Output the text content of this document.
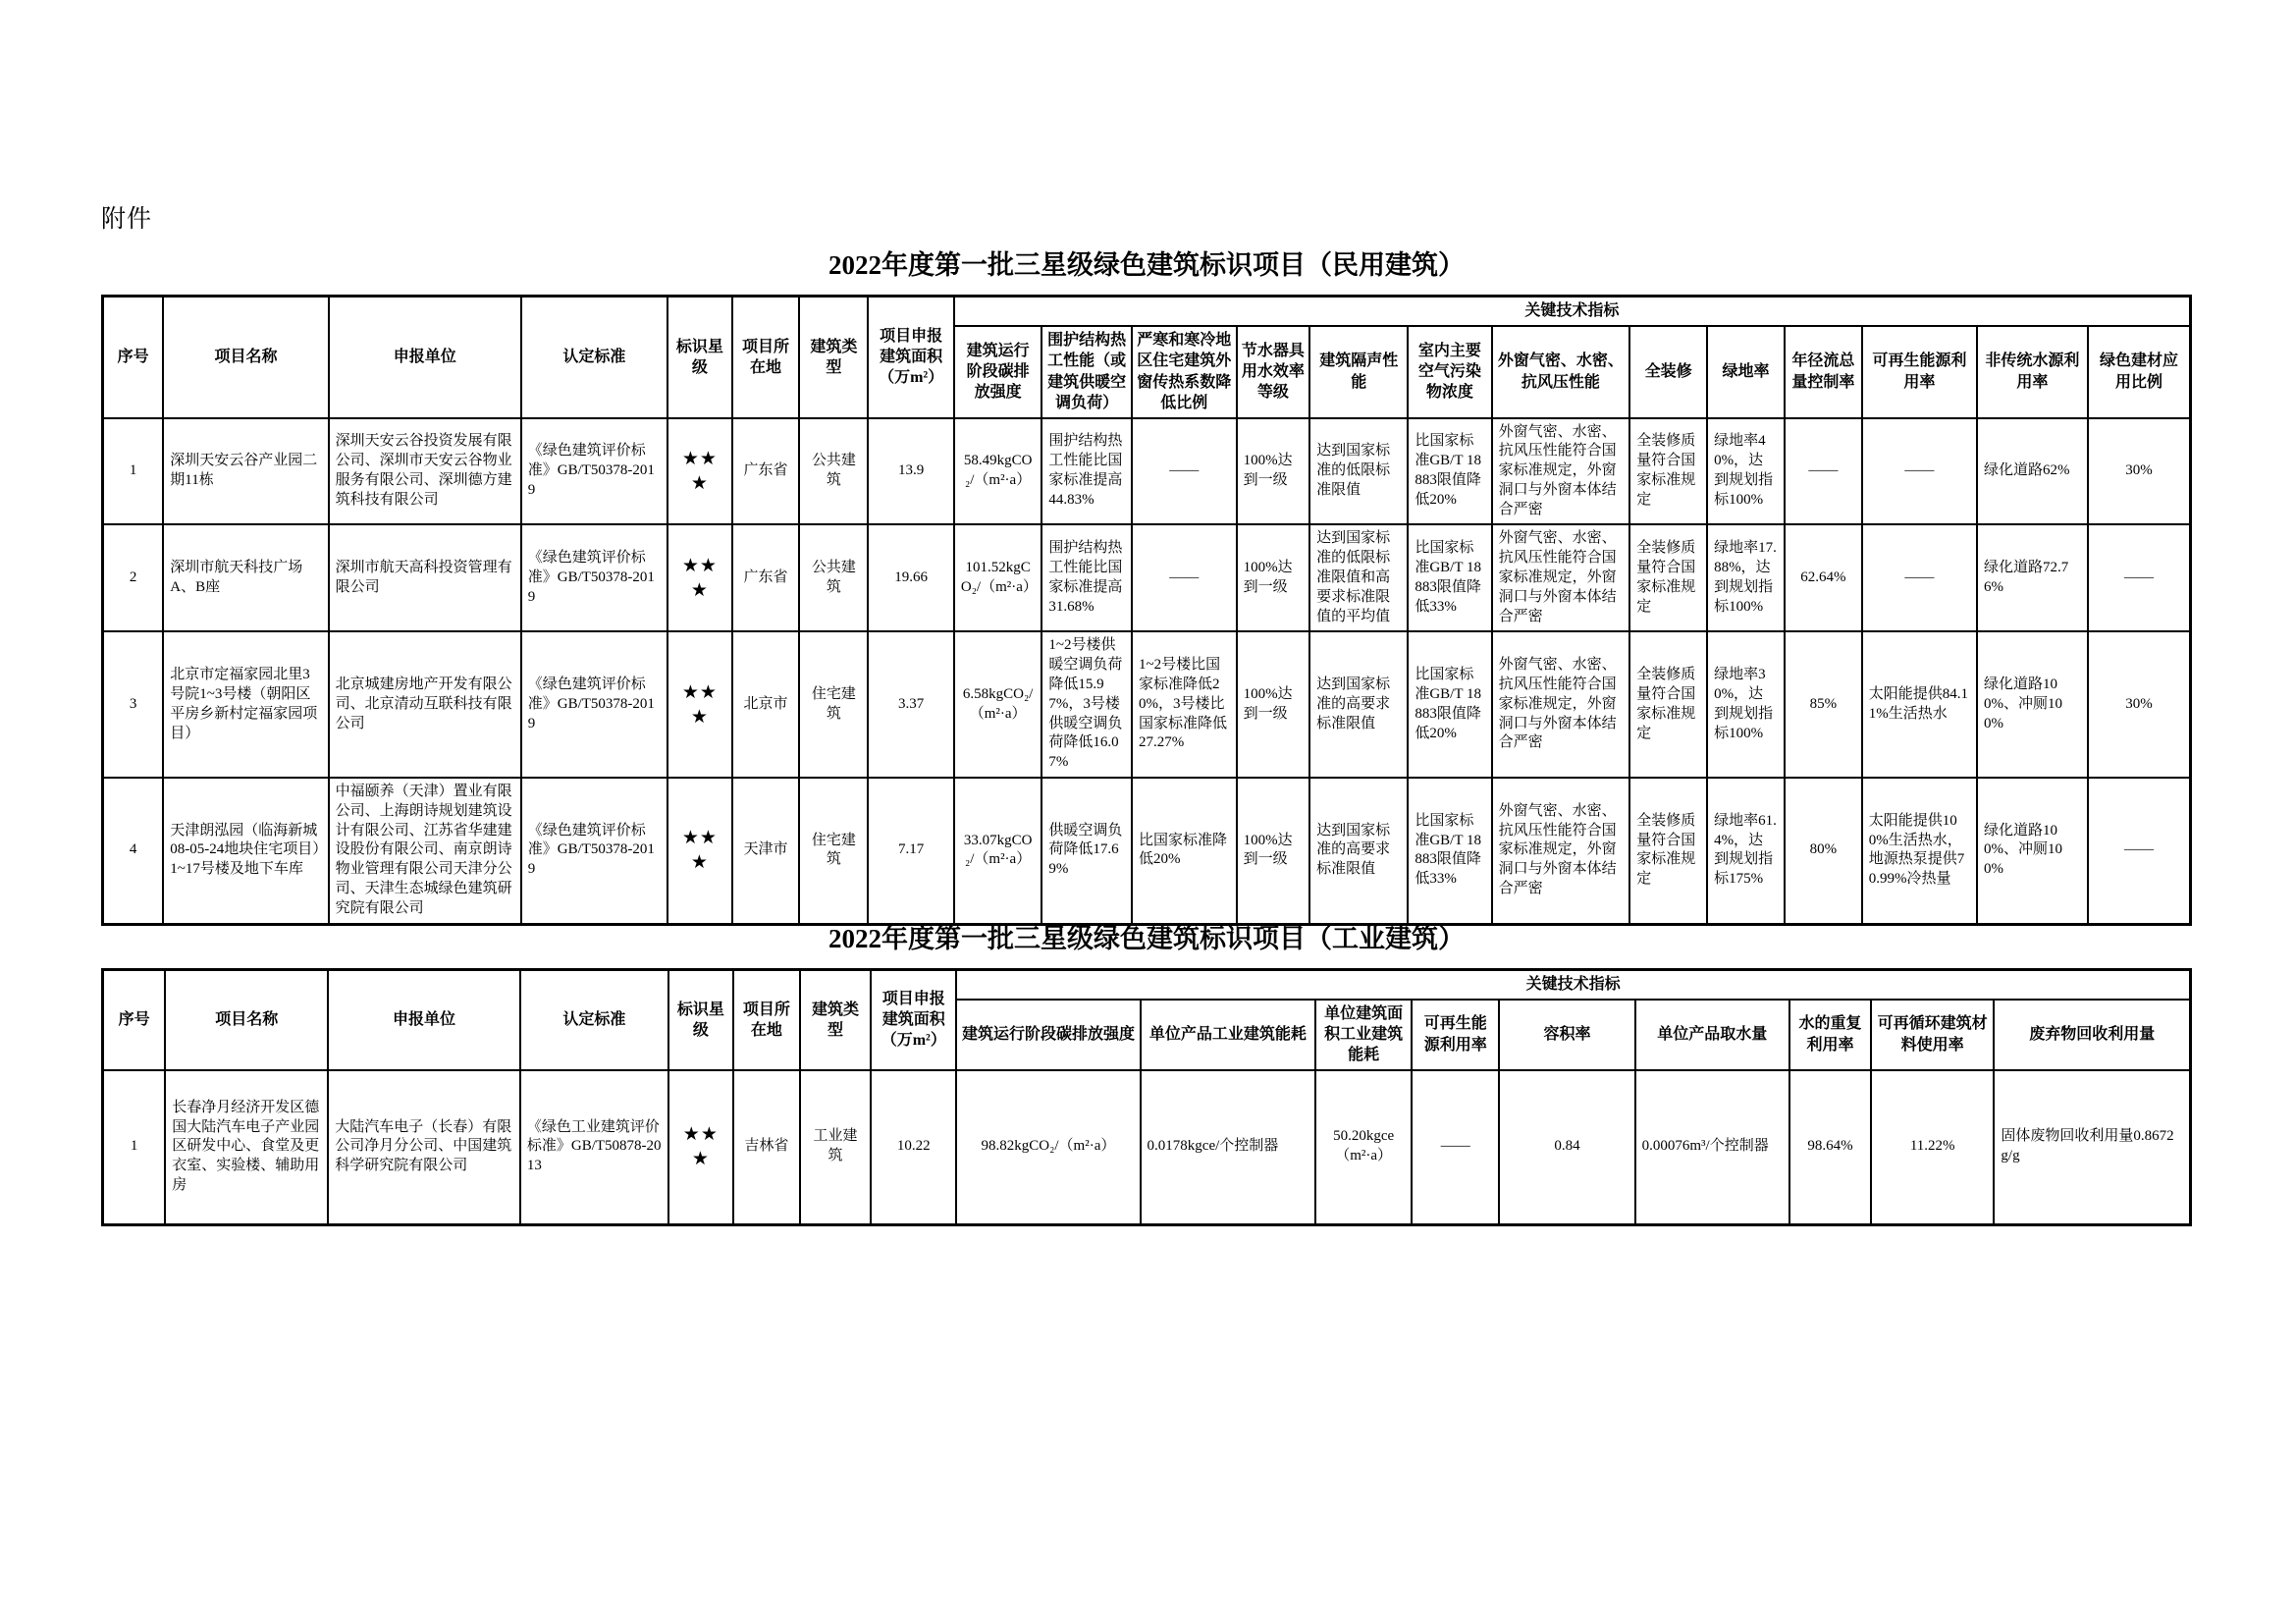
附件
2022年度第一批三星级绿色建筑标识项目（民用建筑）
序号	项目名称	申报单位	认定标准	标识星级	项目所在地	建筑类型	项目申报建筑面积（万m²）	关键技术指标												
								建筑运行阶段碳排放强度	围护结构热工性能（或建筑供暖空调负荷）	严寒和寒冷地区住宅建筑外窗传热系数降低比例	节水器具用水效率等级	建筑隔声性能	室内主要空气污染物浓度	外窗气密、水密、抗风压性能	全装修	绿地率	年径流总量控制率	可再生能源利用率	非传统水源利用率	绿色建材应用比例
1	深圳天安云谷产业园二期11栋	深圳天安云谷投资发展有限公司、深圳市天安云谷物业服务有限公司、深圳德方建筑科技有限公司	《绿色建筑评价标准》GB/T50378-2019	★★★	广东省	公共建筑	13.9	58.49kgCO₂/（m²·a）	围护结构热工性能比国家标准提高44.83%	——	100%达到一级	达到国家标准的低限标准限值	比国家标准GB/T 18883限值降低20%	外窗气密、水密、抗风压性能符合国家标准规定，外窗洞口与外窗本体结合严密	全装修质量符合国家标准规定	绿地率40%，达到规划指标100%	——	——	绿化道路62%	30%
2	深圳市航天科技广场A、B座	深圳市航天高科投资管理有限公司	《绿色建筑评价标准》GB/T50378-2019	★★★	广东省	公共建筑	19.66	101.52kgCO₂/（m²·a）	围护结构热工性能比国家标准提高31.68%	——	100%达到一级	达到国家标准的低限标准限值和高要求标准限值的平均值	比国家标准GB/T 18883限值降低33%	外窗气密、水密、抗风压性能符合国家标准规定，外窗洞口与外窗本体结合严密	全装修质量符合国家标准规定	绿地率17.88%，达到规划指标100%	62.64%	——	绿化道路72.76%	——
3	北京市定福家园北里3号院1~3号楼（朝阳区平房乡新村定福家园项目）	北京城建房地产开发有限公司、北京清动互联科技有限公司	《绿色建筑评价标准》GB/T50378-2019	★★★	北京市	住宅建筑	3.37	6.58kgCO₂/（m²·a）	1~2号楼供暖空调负荷降低15.97%，3号楼供暖空调负荷降低16.07%	1~2号楼比国家标准降低20%，3号楼比国家标准降低27.27%	100%达到一级	达到国家标准的高要求标准限值	比国家标准GB/T 18883限值降低20%	外窗气密、水密、抗风压性能符合国家标准规定，外窗洞口与外窗本体结合严密	全装修质量符合国家标准规定	绿地率30%，达到规划指标100%	85%	太阳能提供84.11%生活热水	绿化道路100%、冲厕100%	30%
4	天津朗泓园（临海新城08-05-24地块住宅项目）1~17号楼及地下车库	中福颐养（天津）置业有限公司、上海朗诗规划建筑设计有限公司、江苏省华建建设股份有限公司、南京朗诗物业管理有限公司天津分公司、天津生态城绿色建筑研究院有限公司	《绿色建筑评价标准》GB/T50378-2019	★★★	天津市	住宅建筑	7.17	33.07kgCO₂/（m²·a）	供暖空调负荷降低17.69%	比国家标准降低20%	100%达到一级	达到国家标准的高要求标准限值	比国家标准GB/T 18883限值降低33%	外窗气密、水密、抗风压性能符合国家标准规定，外窗洞口与外窗本体结合严密	全装修质量符合国家标准规定	绿地率61.4%，达到规划指标175%	80%	太阳能提供100%生活热水，地源热泵提供70.99%冷热量	绿化道路100%、冲厕100%	——
2022年度第一批三星级绿色建筑标识项目（工业建筑）
序号	项目名称	申报单位	认定标准	标识星级	项目所在地	建筑类型	项目申报建筑面积（万m²）	关键技术指标								
								建筑运行阶段碳排放强度	单位产品工业建筑能耗	单位建筑面积工业建筑能耗	可再生能源利用率	容积率	单位产品取水量	水的重复利用率	可再循环建筑材料使用率	废弃物回收利用量
1	长春净月经济开发区德国大陆汽车电子产业园区研发中心、食堂及更衣室、实验楼、辅助用房	大陆汽车电子（长春）有限公司净月分公司、中国建筑科学研究院有限公司	《绿色工业建筑评价标准》GB/T50878-2013	★★★	吉林省	工业建筑	10.22	98.82kgCO₂/（m²·a）	0.0178kgce/个控制器	50.20kgce（m²·a）	——	0.84	0.00076m³/个控制器	98.64%	11.22%	固体废物回收利用量0.8672g/g
